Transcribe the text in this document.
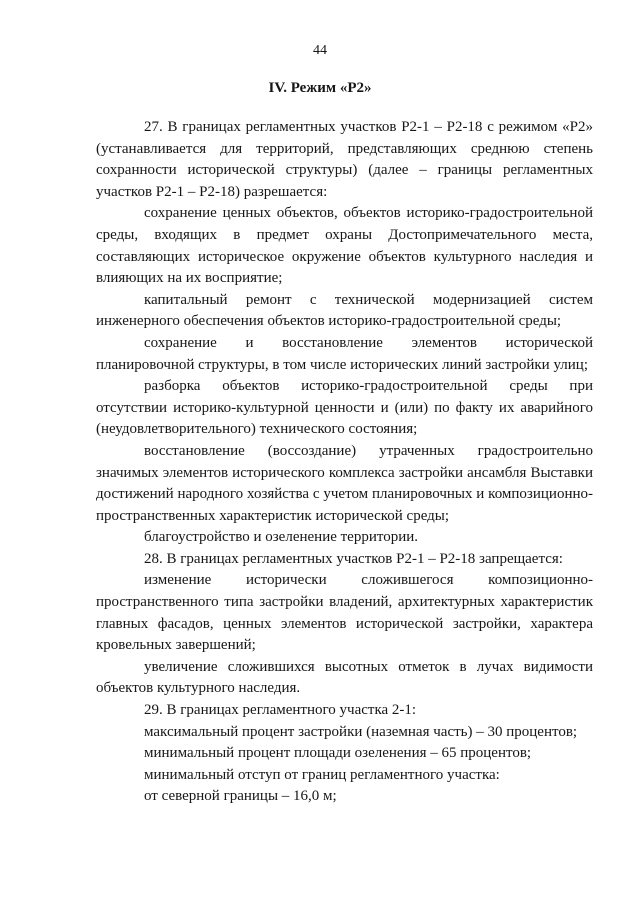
44
IV. Режим «Р2»

27. В границах регламентных участков Р2-1 – Р2-18 с режимом «Р2» (устанавливается для территорий, представляющих среднюю степень сохранности исторической структуры) (далее – границы регламентных участков Р2-1 – Р2-18) разрешается:

сохранение ценных объектов, объектов историко-градостроительной среды, входящих в предмет охраны Достопримечательного места, составляющих историческое окружение объектов культурного наследия и влияющих на их восприятие;

капитальный ремонт с технической модернизацией систем инженерного обеспечения объектов историко-градостроительной среды;

сохранение и восстановление элементов исторической планировочной структуры, в том числе исторических линий застройки улиц;

разборка объектов историко-градостроительной среды при отсутствии историко-культурной ценности и (или) по факту их аварийного (неудовлетворительного) технического состояния;

восстановление (воссоздание) утраченных градостроительно значимых элементов исторического комплекса застройки ансамбля Выставки достижений народного хозяйства с учетом планировочных и композиционно-пространственных характеристик исторической среды;

благоустройство и озеленение территории.

28. В границах регламентных участков Р2-1 – Р2-18 запрещается:

изменение исторически сложившегося композиционно-пространственного типа застройки владений, архитектурных характеристик главных фасадов, ценных элементов исторической застройки, характера кровельных завершений;

увеличение сложившихся высотных отметок в лучах видимости объектов культурного наследия.

29. В границах регламентного участка 2-1:

максимальный процент застройки (наземная часть) – 30 процентов;

минимальный процент площади озеленения – 65 процентов;

минимальный отступ от границ регламентного участка:

от северной границы – 16,0 м;
